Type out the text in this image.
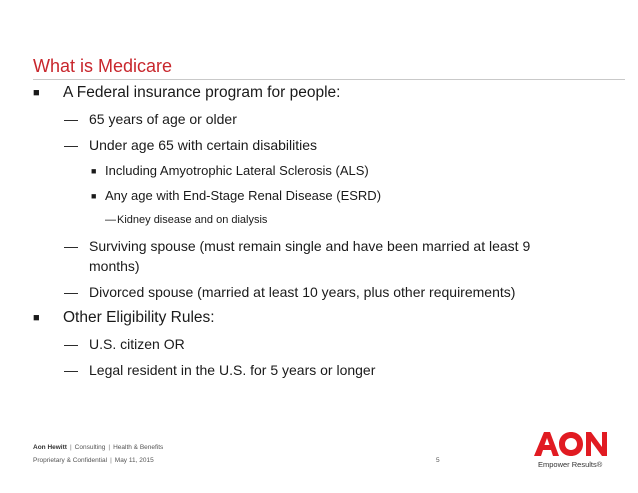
What is Medicare
■ A Federal insurance program for people:
— 65 years of age or older
— Under age 65 with certain disabilities
■ Including Amyotrophic Lateral Sclerosis (ALS)
■ Any age with End-Stage Renal Disease (ESRD)
—Kidney disease and on dialysis
— Surviving spouse (must remain single and have been married at least 9
months)
— Divorced spouse (married at least 10 years, plus other requirements)
■ Other Eligibility Rules:
— U.S. citizen OR
— Legal resident in the U.S. for 5 years or longer
Aon Hewitt | Consulting | Health & Benefits
Proprietary & Confidential | May 11, 2015	5	Empower Results®
